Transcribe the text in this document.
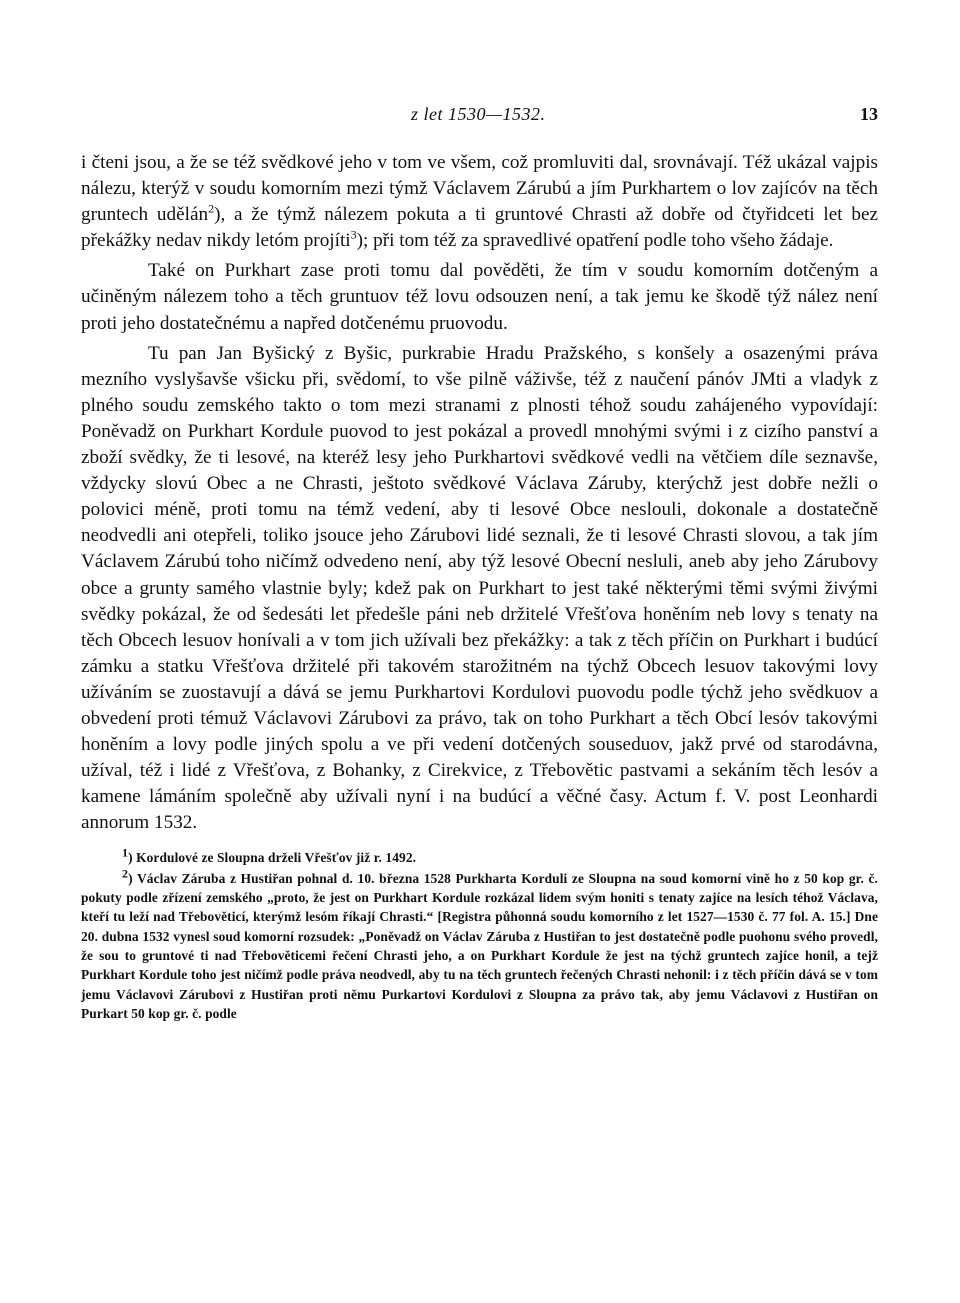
z let 1530—1532.	13

i čteni jsou, a že se též svědkové jeho v tom ve všem, což promluviti dal, srovnávají. Též ukázal vajpis nálezu, kterýž v soudu komorním mezi týmž Václavem Zárubú a jím Purkhartem o lov zajícóv na těch gruntech udělán$^2$), a že týmž nálezem pokuta a ti gruntové Chrasti až dobře od čtyřidceti let bez překážky nedav nikdy letóm projíti$^3$); při tom též za spravedlivé opatření podle toho všeho žádaje.

Také on Purkhart zase proti tomu dal pověděti, že tím v soudu komorním dotčeným a učiněným nálezem toho a těch gruntuov též lovu odsouzen není, a tak jemu ke škodě týž nález není proti jeho dostatečnému a napřed dotčenému pruovodu.

Tu pan Jan Byšický z Byšic, purkrabie Hradu Pražského, s konšely a osazenými práva mezního vyslyšavše všicku při, svědomí, to vše pilně váživše, též z naučení pánóv JMti a vladyk z plného soudu zemského takto o tom mezi stranami z plnosti téhož soudu zahájeného vypovídají: Poněvadž on Purkhart Kordule puovod to jest pokázal a provedl mnohými svými i z cizího panství a zboží svědky, že ti lesové, na kteréž lesy jeho Purkhartovi svědkové vedli na větčiem díle seznavše, vždycky slovú Obec a ne Chrasti, ještoto svědkové Václava Záruby, kterýchž jest dobře nežli o polovici méně, proti tomu na témž vedení, aby ti lesové Obce neslouli, dokonale a dostatečně neodvedli ani otepřeli, toliko jsouce jeho Zárubovi lidé seznali, že ti lesové Chrasti slovou, a tak jím Václavem Zárubú toho ničímž odvedeno není, aby týž lesové Obecní nesluli, aneb aby jeho Zárubovy obce a grunty samého vlastnie byly; kdež pak on Purkhart to jest také některými těmi svými živými svědky pokázal, že od šedesáti let předešle páni neb držitelé Vřešťova honěním neb lovy s tenaty na těch Obcech lesuov honívali a v tom jich užívali bez překážky: a tak z těch příčin on Purkhart i budúcí zámku a statku Vřešťova držitelé při takovém starožitném na týchž Obcech lesuov takovými lovy užíváním se zuostavují a dává se jemu Purkhartovi Kordulovi puovodu podle týchž jeho svědkuov a obvedení proti témuž Václavovi Zárubovi za právo, tak on toho Purkhart a těch Obcí lesóv takovými honěním a lovy podle jiných spolu a ve při vedení dotčených souseduov, jakž prvé od starodávna, užíval, též i lidé z Vřešťova, z Bohanky, z Cirekvice, z Třebovětic pastvami a sekáním těch lesóv a kamene lámáním společně aby užívali nyní i na budúcí a věčné časy. Actum f. V. post Leonhardi annorum 1532.

$^1$) Kordulové ze Sloupna drželi Vřešťov již r. 1492.

$^2$) Václav Záruba z Hustiřan pohnal d. 10. března 1528 Purkharta Korduli ze Sloupna na soud komorní vině ho z 50 kop gr. č. pokuty podle zřízení zemského „proto, že jest on Purkhart Kordule rozkázal lidem svým honiti s tenaty zajíce na lesích téhož Václava, kteří tu leží nad Třebověticí, kterýmž lesóm říkají Chrasti.“ [Registra půhonná soudu komorního z let 1527—1530 č. 77 fol. A. 15.] Dne 20. dubna 1532 vynesl soud komorní rozsudek: „Poněvadž on Václav Záruba z Hustiřan to jest dostatečně podle puohonu svého provedl, že sou to gruntové ti nad Třebověticemi řečení Chrasti jeho, a on Purkhart Kordule že jest na týchž gruntech zajíce honil, a tejž Purkhart Kordule toho jest ničímž podle práva neodvedl, aby tu na těch gruntech řečených Chrasti nehonil: i z těch příčin dává se v tom jemu Václavovi Zárubovi z Hustiřan proti němu Purkartovi Kordulovi z Sloupna za právo tak, aby jemu Václavovi z Hustiřan on Purkart 50 kop gr. č. podle
